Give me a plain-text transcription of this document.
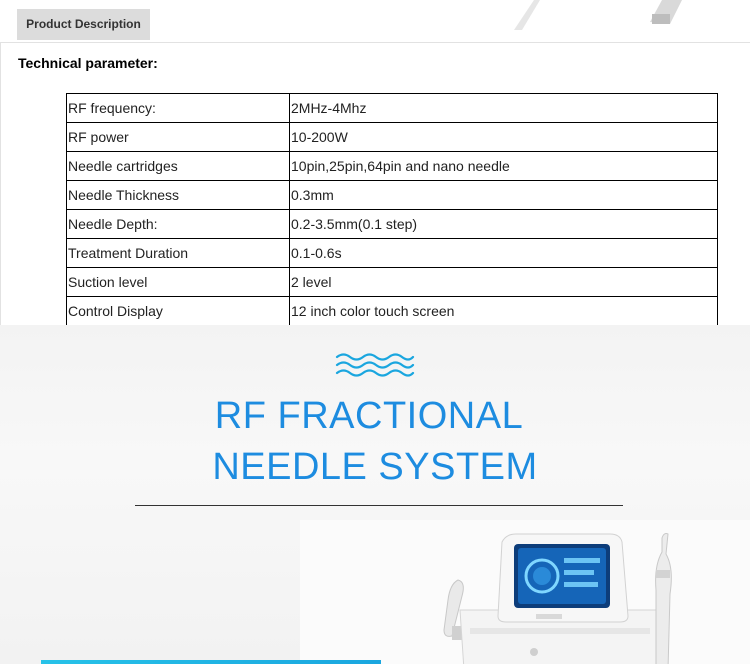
Product Description
Technical parameter:
RF frequency:	2MHz-4Mhz
RF power	10-200W
Needle cartridges	10pin,25pin,64pin and nano needle
Needle Thickness	0.3mm
Needle Depth:	0.2-3.5mm(0.1 step)
Treatment Duration	0.1-0.6s
Suction level	2 level
Control Display	12 inch color touch screen
RF FRACTIONAL
NEEDLE SYSTEM
